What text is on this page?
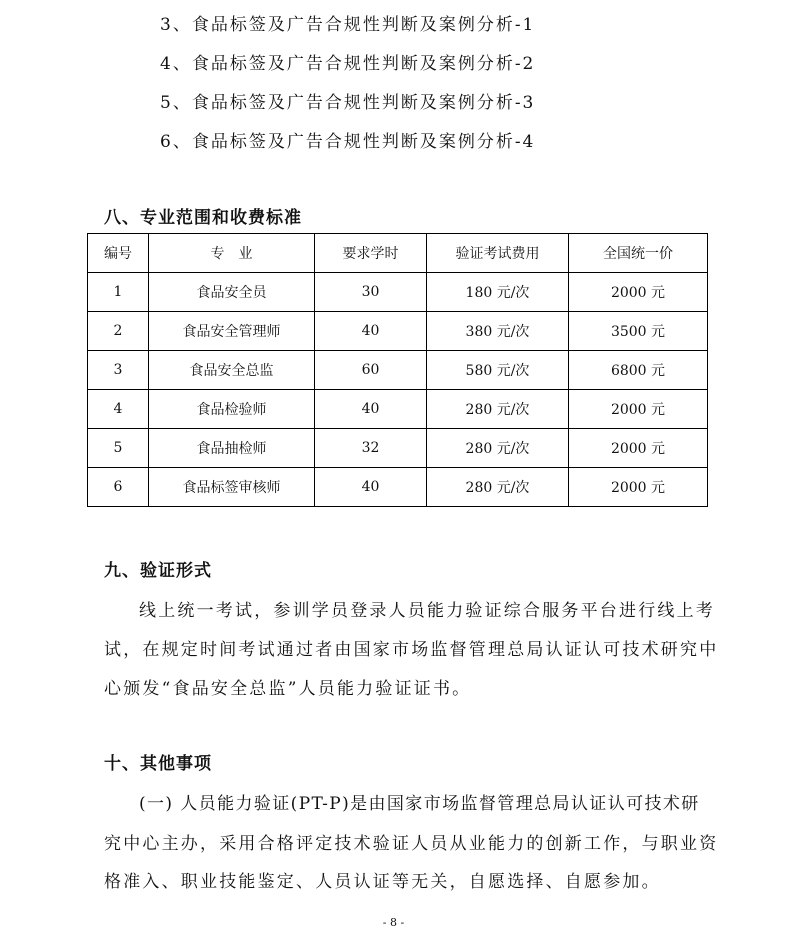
3、食品标签及广告合规性判断及案例分析-1
4、食品标签及广告合规性判断及案例分析-2
5、食品标签及广告合规性判断及案例分析-3
6、食品标签及广告合规性判断及案例分析-4
八、专业范围和收费标准
编号	专　业	要求学时	验证考试费用	全国统一价
1	食品安全员	30	180 元/次	2000 元
2	食品安全管理师	40	380 元/次	3500 元
3	食品安全总监	60	580 元/次	6800 元
4	食品检验师	40	280 元/次	2000 元
5	食品抽检师	32	280 元/次	2000 元
6	食品标签审核师	40	280 元/次	2000 元
九、验证形式
线上统一考试，参训学员登录人员能力验证综合服务平台进行线上考
试，在规定时间考试通过者由国家市场监督管理总局认证认可技术研究中
心颁发“食品安全总监”人员能力验证证书。
十、其他事项
(一) 人员能力验证(PT-P)是由国家市场监督管理总局认证认可技术研
究中心主办，采用合格评定技术验证人员从业能力的创新工作，与职业资
格准入、职业技能鉴定、人员认证等无关，自愿选择、自愿参加。
- 8 -
